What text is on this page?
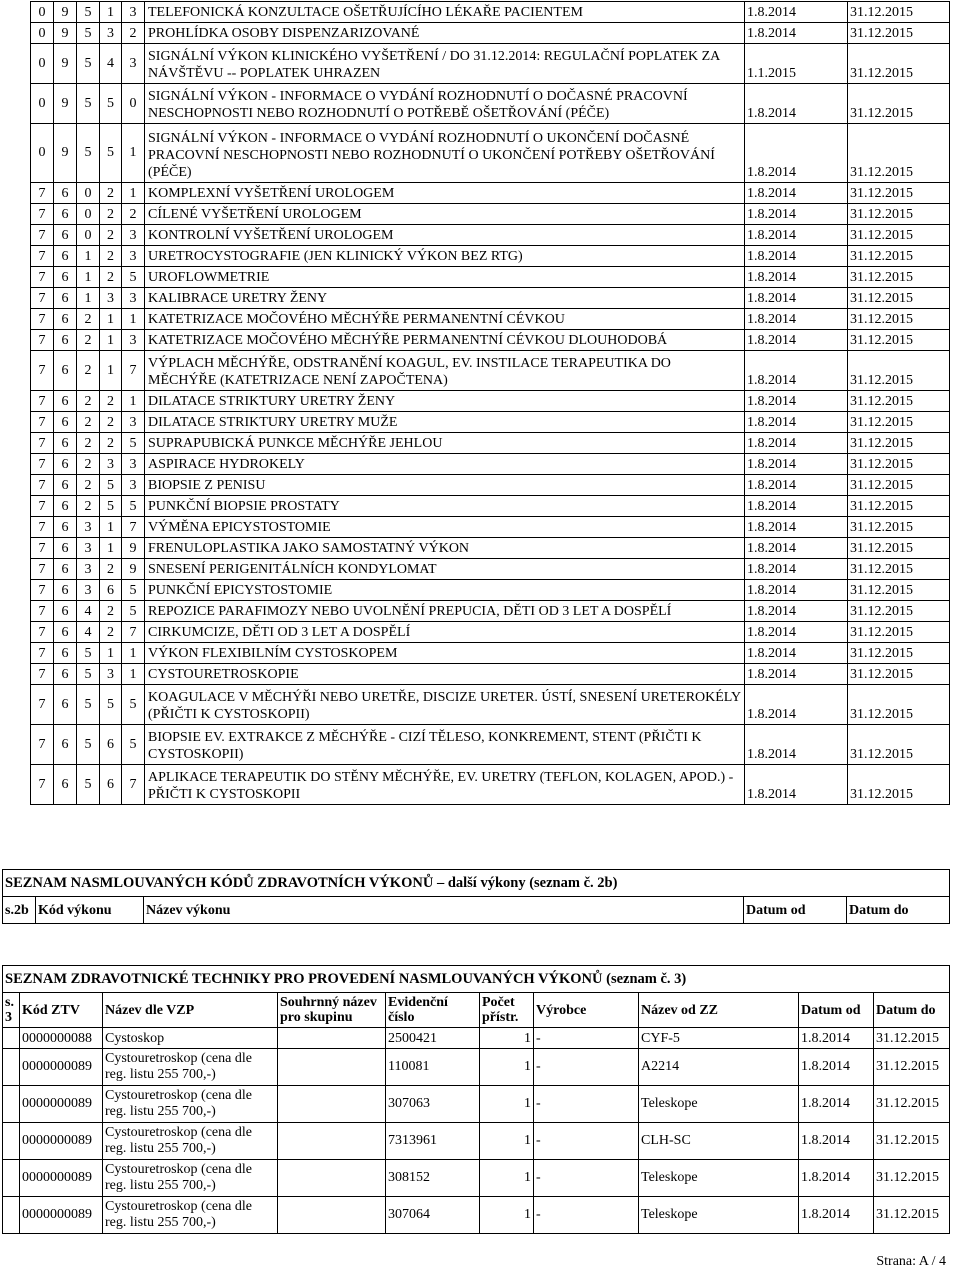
0	9	5	1	3	TELEFONICKÁ KONZULTACE OŠETŘUJÍCÍHO LÉKAŘE PACIENTEM	1.8.2014	31.12.2015
0	9	5	3	2	PROHLÍDKA OSOBY DISPENZARIZOVANÉ	1.8.2014	31.12.2015
0	9	5	4	3	SIGNÁLNÍ VÝKON KLINICKÉHO VYŠETŘENÍ / DO 31.12.2014: REGULAČNÍ POPLATEK ZA NÁVŠTĚVU -- POPLATEK UHRAZEN	1.1.2015	31.12.2015
0	9	5	5	0	SIGNÁLNÍ VÝKON - INFORMACE O VYDÁNÍ ROZHODNUTÍ O DOČASNÉ PRACOVNÍ NESCHOPNOSTI NEBO ROZHODNUTÍ O POTŘEBĚ OŠETŘOVÁNÍ (PÉČE)	1.8.2014	31.12.2015
0	9	5	5	1	SIGNÁLNÍ VÝKON - INFORMACE O VYDÁNÍ ROZHODNUTÍ O UKONČENÍ DOČASNÉ PRACOVNÍ NESCHOPNOSTI NEBO ROZHODNUTÍ O UKONČENÍ POTŘEBY OŠETŘOVÁNÍ (PÉČE)	1.8.2014	31.12.2015
7	6	0	2	1	KOMPLEXNÍ VYŠETŘENÍ UROLOGEM	1.8.2014	31.12.2015
7	6	0	2	2	CÍLENÉ VYŠETŘENÍ UROLOGEM	1.8.2014	31.12.2015
7	6	0	2	3	KONTROLNÍ VYŠETŘENÍ UROLOGEM	1.8.2014	31.12.2015
7	6	1	2	3	URETROCYSTOGRAFIE (JEN KLINICKÝ VÝKON BEZ RTG)	1.8.2014	31.12.2015
7	6	1	2	5	UROFLOWMETRIE	1.8.2014	31.12.2015
7	6	1	3	3	KALIBRACE URETRY ŽENY	1.8.2014	31.12.2015
7	6	2	1	1	KATETRIZACE MOČOVÉHO MĚCHÝŘE PERMANENTNÍ CÉVKOU	1.8.2014	31.12.2015
7	6	2	1	3	KATETRIZACE MOČOVÉHO MĚCHÝŘE PERMANENTNÍ CÉVKOU DLOUHODOBÁ	1.8.2014	31.12.2015
7	6	2	1	7	VÝPLACH MĚCHÝŘE, ODSTRANĚNÍ KOAGUL, EV. INSTILACE TERAPEUTIKA DO MĚCHÝŘE (KATETRIZACE NENÍ ZAPOČTENA)	1.8.2014	31.12.2015
7	6	2	2	1	DILATACE STRIKTURY URETRY ŽENY	1.8.2014	31.12.2015
7	6	2	2	3	DILATACE STRIKTURY URETRY MUŽE	1.8.2014	31.12.2015
7	6	2	2	5	SUPRAPUBICKÁ PUNKCE MĚCHÝŘE JEHLOU	1.8.2014	31.12.2015
7	6	2	3	3	ASPIRACE HYDROKELY	1.8.2014	31.12.2015
7	6	2	5	3	BIOPSIE Z PENISU	1.8.2014	31.12.2015
7	6	2	5	5	PUNKČNÍ BIOPSIE PROSTATY	1.8.2014	31.12.2015
7	6	3	1	7	VÝMĚNA EPICYSTOSTOMIE	1.8.2014	31.12.2015
7	6	3	1	9	FRENULOPLASTIKA JAKO SAMOSTATNÝ VÝKON	1.8.2014	31.12.2015
7	6	3	2	9	SNESENÍ PERIGENITÁLNÍCH KONDYLOMAT	1.8.2014	31.12.2015
7	6	3	6	5	PUNKČNÍ EPICYSTOSTOMIE	1.8.2014	31.12.2015
7	6	4	2	5	REPOZICE PARAFIMOZY NEBO UVOLNĚNÍ PREPUCIA, DĚTI OD 3 LET A DOSPĚLÍ	1.8.2014	31.12.2015
7	6	4	2	7	CIRKUMCIZE, DĚTI OD 3 LET A DOSPĚLÍ	1.8.2014	31.12.2015
7	6	5	1	1	VÝKON FLEXIBILNÍM CYSTOSKOPEM	1.8.2014	31.12.2015
7	6	5	3	1	CYSTOURETROSKOPIE	1.8.2014	31.12.2015
7	6	5	5	5	KOAGULACE V MĚCHÝŘI NEBO URETŘE, DISCIZE URETER. ÚSTÍ, SNESENÍ URETEROKÉLY (PŘIČTI K CYSTOSKOPII)	1.8.2014	31.12.2015
7	6	5	6	5	BIOPSIE EV. EXTRAKCE Z MĚCHÝŘE - CIZÍ TĚLESO, KONKREMENT, STENT (PŘIČTI K CYSTOSKOPII)	1.8.2014	31.12.2015
7	6	5	6	7	APLIKACE TERAPEUTIK DO STĚNY MĚCHÝŘE, EV. URETRY (TEFLON, KOLAGEN, APOD.) - PŘIČTI K CYSTOSKOPII	1.8.2014	31.12.2015
SEZNAM NASMLOUVANÝCH KÓDŮ ZDRAVOTNÍCH VÝKONŮ – další výkony (seznam č. 2b)
s.2b	Kód výkonu	Název výkonu	Datum od	Datum do
SEZNAM ZDRAVOTNICKÉ TECHNIKY PRO PROVEDENÍ NASMLOUVANÝCH VÝKONŮ (seznam č. 3)									
s. 3	Kód ZTV	Název dle VZP	Souhrnný název pro skupinu	Evidenční číslo	Počet přístr.	Výrobce	Název od ZZ	Datum od	Datum do
	0000000088	Cystoskop		2500421	1	-	CYF-5	1.8.2014	31.12.2015
	0000000089	Cystouretroskop (cena dle reg. listu 255 700,-)		110081	1	-	A2214	1.8.2014	31.12.2015
	0000000089	Cystouretroskop (cena dle reg. listu 255 700,-)		307063	1	-	Teleskope	1.8.2014	31.12.2015
	0000000089	Cystouretroskop (cena dle reg. listu 255 700,-)		7313961	1	-	CLH-SC	1.8.2014	31.12.2015
	0000000089	Cystouretroskop (cena dle reg. listu 255 700,-)		308152	1	-	Teleskope	1.8.2014	31.12.2015
	0000000089	Cystouretroskop (cena dle reg. listu 255 700,-)		307064	1	-	Teleskope	1.8.2014	31.12.2015
Strana: A / 4
